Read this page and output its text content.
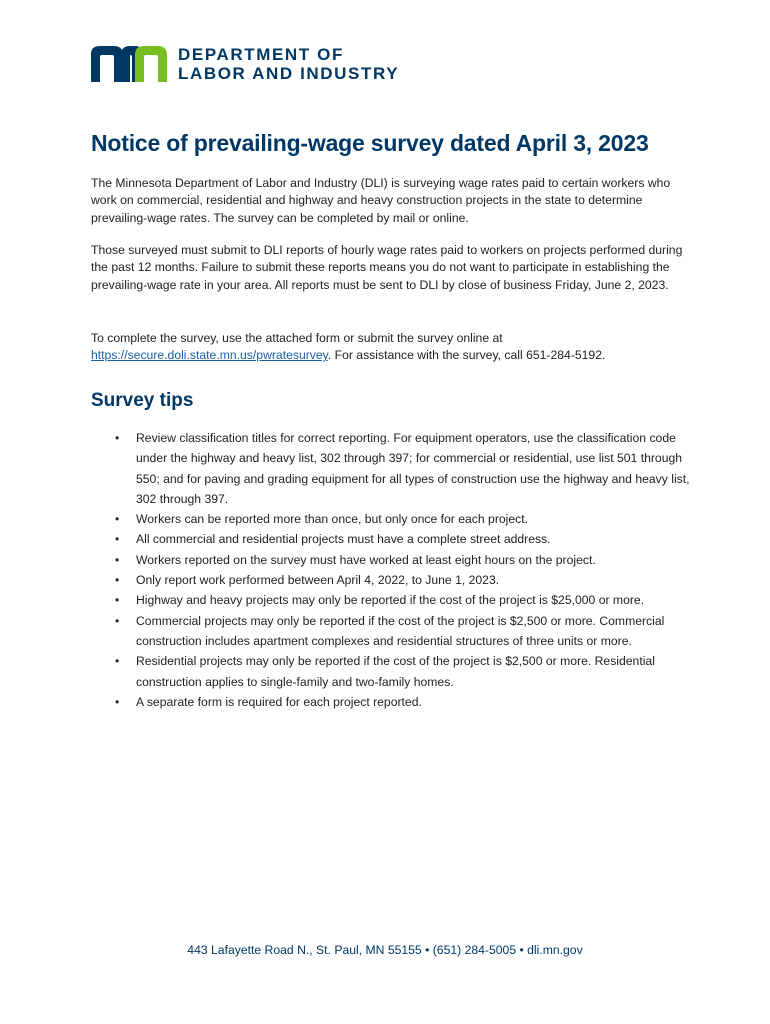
DEPARTMENT OF
LABOR AND INDUSTRY
Notice of prevailing-wage survey dated April 3, 2023

The Minnesota Department of Labor and Industry (DLI) is surveying wage rates paid to certain workers who work on commercial, residential and highway and heavy construction projects in the state to determine prevailing-wage rates. The survey can be completed by mail or online.

Those surveyed must submit to DLI reports of hourly wage rates paid to workers on projects performed during the past 12 months. Failure to submit these reports means you do not want to participate in establishing the prevailing-wage rate in your area. All reports must be sent to DLI by close of business Friday, June 2, 2023.

To complete the survey, use the attached form or submit the survey online at https://secure.doli.state.mn.us/pwratesurvey. For assistance with the survey, call 651-284-5192.

Survey tips
• Review classification titles for correct reporting. For equipment operators, use the classification code under the highway and heavy list, 302 through 397; for commercial or residential, use list 501 through 550; and for paving and grading equipment for all types of construction use the highway and heavy list, 302 through 397.
• Workers can be reported more than once, but only once for each project.
• All commercial and residential projects must have a complete street address.
• Workers reported on the survey must have worked at least eight hours on the project.
• Only report work performed between April 4, 2022, to June 1, 2023.
• Highway and heavy projects may only be reported if the cost of the project is $25,000 or more.
• Commercial projects may only be reported if the cost of the project is $2,500 or more. Commercial construction includes apartment complexes and residential structures of three units or more.
• Residential projects may only be reported if the cost of the project is $2,500 or more. Residential construction applies to single-family and two-family homes.
• A separate form is required for each project reported.
443 Lafayette Road N., St. Paul, MN 55155 • (651) 284-5005 • dli.mn.gov
